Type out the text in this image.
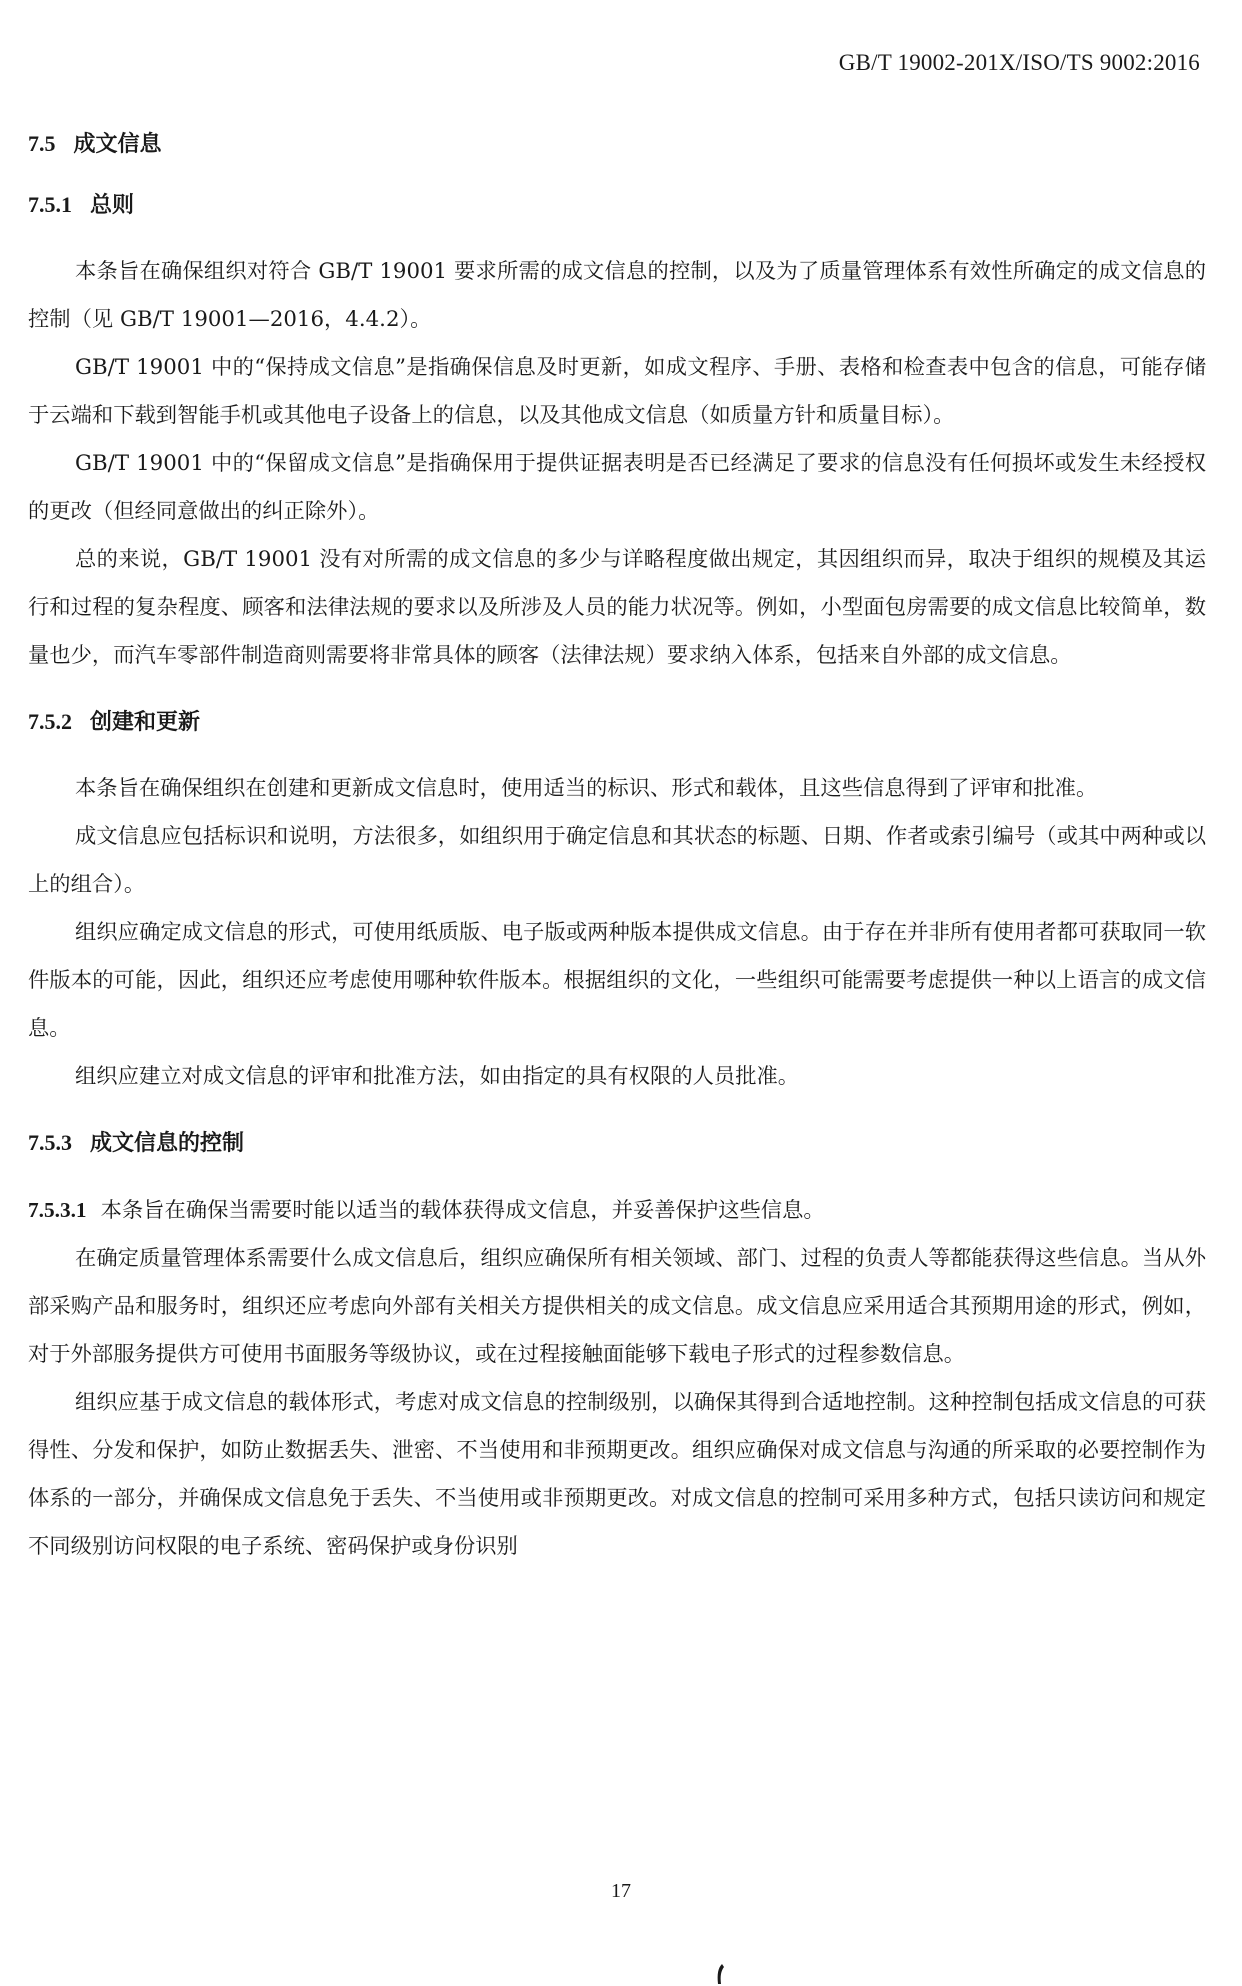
GB/T 19002-201X/ISO/TS 9002:2016
7.5 成文信息
7.5.1 总则

本条旨在确保组织对符合 GB/T 19001 要求所需的成文信息的控制，以及为了质量管理体系有效性所确定的成文信息的控制（见 GB/T 19001—2016，4.4.2）。

GB/T 19001 中的“保持成文信息”是指确保信息及时更新，如成文程序、手册、表格和检查表中包含的信息，可能存储于云端和下载到智能手机或其他电子设备上的信息，以及其他成文信息（如质量方针和质量目标）。

GB/T 19001 中的“保留成文信息”是指确保用于提供证据表明是否已经满足了要求的信息没有任何损坏或发生未经授权的更改（但经同意做出的纠正除外）。

总的来说，GB/T 19001 没有对所需的成文信息的多少与详略程度做出规定，其因组织而异，取决于组织的规模及其运行和过程的复杂程度、顾客和法律法规的要求以及所涉及人员的能力状况等。例如，小型面包房需要的成文信息比较简单，数量也少，而汽车零部件制造商则需要将非常具体的顾客（法律法规）要求纳入体系，包括来自外部的成文信息。

7.5.2 创建和更新

本条旨在确保组织在创建和更新成文信息时，使用适当的标识、形式和载体，且这些信息得到了评审和批准。

成文信息应包括标识和说明，方法很多，如组织用于确定信息和其状态的标题、日期、作者或索引编号（或其中两种或以上的组合）。

组织应确定成文信息的形式，可使用纸质版、电子版或两种版本提供成文信息。由于存在并非所有使用者都可获取同一软件版本的可能，因此，组织还应考虑使用哪种软件版本。根据组织的文化，一些组织可能需要考虑提供一种以上语言的成文信息。

组织应建立对成文信息的评审和批准方法，如由指定的具有权限的人员批准。

7.5.3 成文信息的控制

7.5.3.1 本条旨在确保当需要时能以适当的载体获得成文信息，并妥善保护这些信息。

在确定质量管理体系需要什么成文信息后，组织应确保所有相关领域、部门、过程的负责人等都能获得这些信息。当从外部采购产品和服务时，组织还应考虑向外部有关相关方提供相关的成文信息。成文信息应采用适合其预期用途的形式，例如，对于外部服务提供方可使用书面服务等级协议，或在过程接触面能够下载电子形式的过程参数信息。

组织应基于成文信息的载体形式，考虑对成文信息的控制级别，以确保其得到合适地控制。这种控制包括成文信息的可获得性、分发和保护，如防止数据丢失、泄密、不当使用和非预期更改。组织应确保对成文信息与沟通的所采取的必要控制作为体系的一部分，并确保成文信息免于丢失、不当使用或非预期更改。对成文信息的控制可采用多种方式，包括只读访问和规定不同级别访问权限的电子系统、密码保护或身份识别

17
